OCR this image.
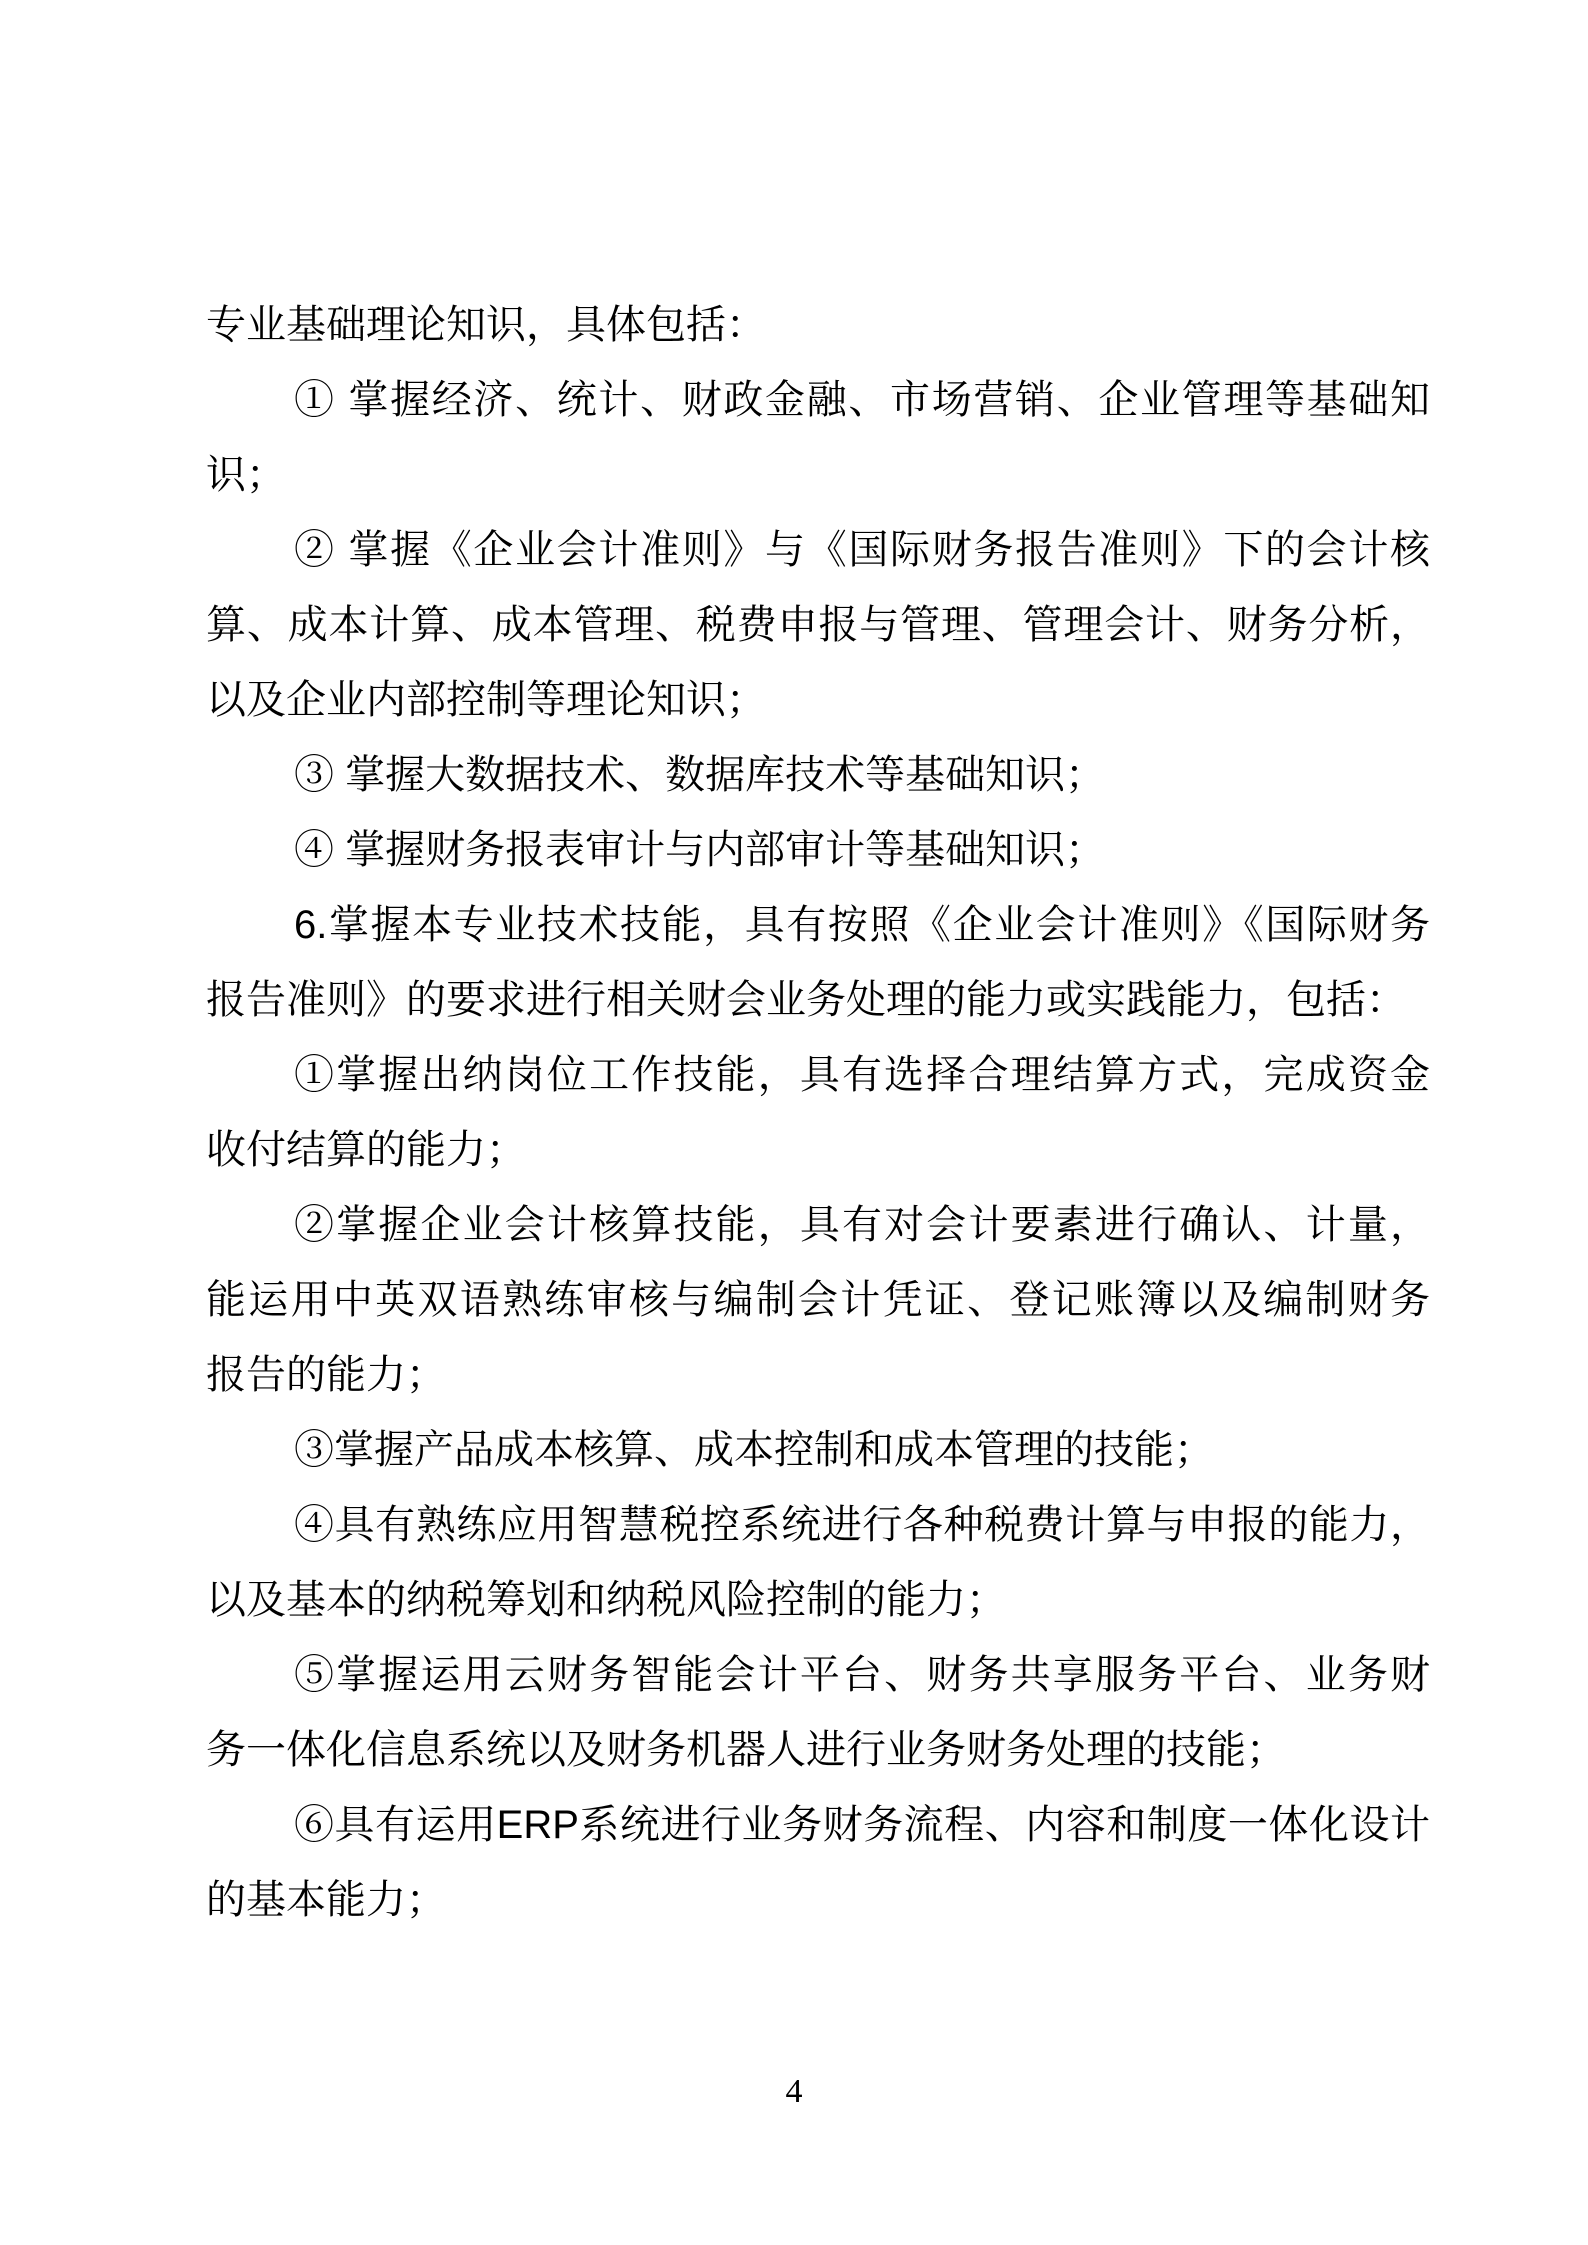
专业基础理论知识，具体包括：
① 掌握经济、统计、财政金融、市场营销、企业管理等基础知
识；
② 掌握《企业会计准则》与《国际财务报告准则》下的会计核
算、成本计算、成本管理、税费申报与管理、管理会计、财务分析，
以及企业内部控制等理论知识；
③ 掌握大数据技术、数据库技术等基础知识；
④ 掌握财务报表审计与内部审计等基础知识；
6.掌握本专业技术技能，具有按照《企业会计准则》《国际财务
报告准则》的要求进行相关财会业务处理的能力或实践能力，包括：
①掌握出纳岗位工作技能，具有选择合理结算方式，完成资金
收付结算的能力；
②掌握企业会计核算技能，具有对会计要素进行确认、计量，
能运用中英双语熟练审核与编制会计凭证、登记账簿以及编制财务
报告的能力；
③掌握产品成本核算、成本控制和成本管理的技能；
④具有熟练应用智慧税控系统进行各种税费计算与申报的能力，
以及基本的纳税筹划和纳税风险控制的能力；
⑤掌握运用云财务智能会计平台、财务共享服务平台、业务财
务一体化信息系统以及财务机器人进行业务财务处理的技能；
⑥具有运用ERP系统进行业务财务流程、内容和制度一体化设计
的基本能力；
4
